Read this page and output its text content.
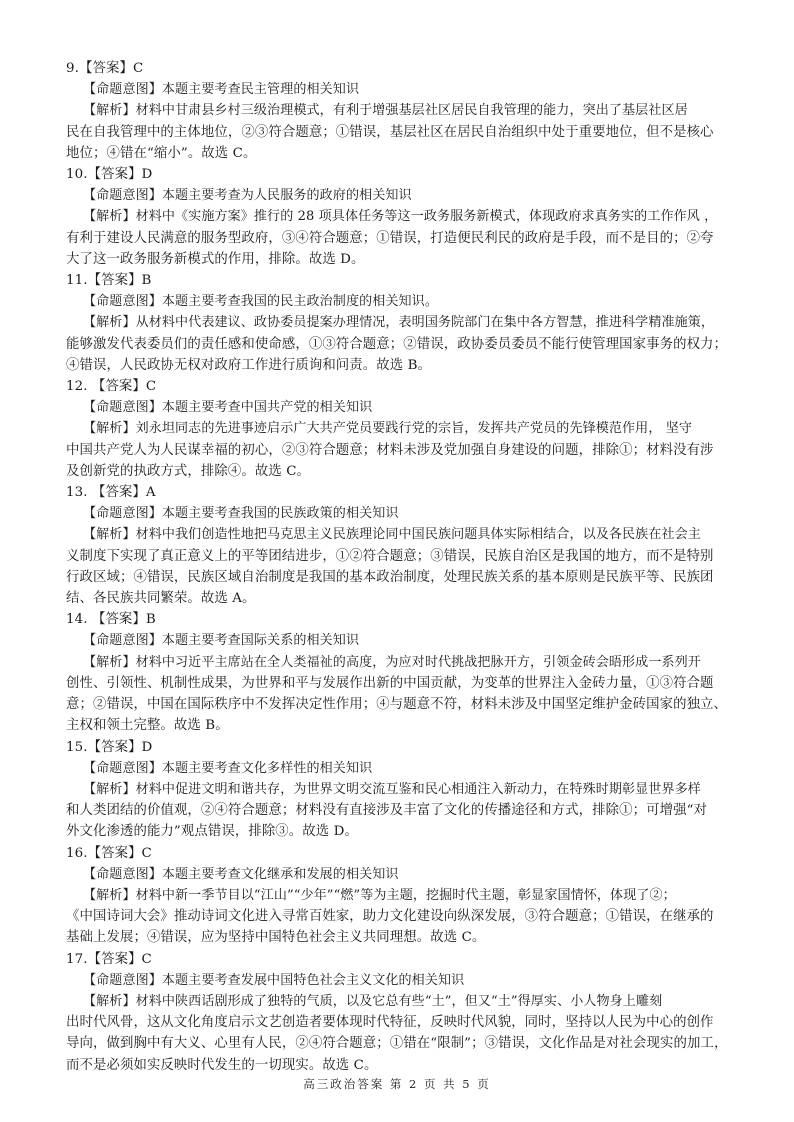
9.【答案】C
【命题意图】本题主要考查民主管理的相关知识
【解析】材料中甘肃县乡村三级治理模式，有利于增强基层社区居民自我管理的能力，突出了基层社区居
民在自我管理中的主体地位，②③符合题意；①错误，基层社区在居民自治组织中处于重要地位，但不是核心
地位；④错在“缩小”。故选 C。
10.【答案】D
【命题意图】本题主要考查为人民服务的政府的相关知识
【解析】材料中《实施方案》推行的 28 项具体任务等这一政务服务新模式，体现政府求真务实的工作作风 ，
有利于建设人民满意的服务型政府，③④符合题意；①错误，打造便民利民的政府是手段，而不是目的；②夸
大了这一政务服务新模式的作用，排除。故选 D。
11.【答案】B
【命题意图】本题主要考查我国的民主政治制度的相关知识。
【解析】从材料中代表建议、政协委员提案办理情况，表明国务院部门在集中各方智慧，推进科学精准施策，
能够激发代表委员们的责任感和使命感，①③符合题意；②错误，政协委员委员不能行使管理国家事务的权力；
④错误，人民政协无权对政府工作进行质询和问责。故选 B。
12. 【答案】C
【命题意图】本题主要考查中国共产党的相关知识
【解析】刘永坦同志的先进事迹启示广大共产党员要践行党的宗旨，发挥共产党员的先锋模范作用， 坚守
中国共产党人为人民谋幸福的初心，②③符合题意；材料未涉及党加强自身建设的问题，排除①；材料没有涉
及创新党的执政方式，排除④。故选 C。
13. 【答案】A
【命题意图】本题主要考查我国的民族政策的相关知识
【解析】材料中我们创造性地把马克思主义民族理论同中国民族问题具体实际相结合，以及各民族在社会主
义制度下实现了真正意义上的平等团结进步，①②符合题意；③错误，民族自治区是我国的地方，而不是特别
行政区域；④错误，民族区域自治制度是我国的基本政治制度，处理民族关系的基本原则是民族平等、民族团
结、各民族共同繁荣。故选 A。
14. 【答案】B
【命题意图】本题主要考查国际关系的相关知识
【解析】材料中习近平主席站在全人类福祉的高度，为应对时代挑战把脉开方，引领金砖会晤形成一系列开
创性、引领性、机制性成果，为世界和平与发展作出新的中国贡献，为变革的世界注入金砖力量，①③符合题
意；②错误，中国在国际秩序中不发挥决定性作用；④与题意不符，材料未涉及中国坚定维护金砖国家的独立、
主权和领土完整。故选 B。
15.【答案】D
【命题意图】本题主要考查文化多样性的相关知识
【解析】材料中促进文明和谐共存，为世界文明交流互鉴和民心相通注入新动力，在特殊时期彰显世界多样
和人类团结的价值观，②④符合题意；材料没有直接涉及丰富了文化的传播途径和方式，排除①；可增强“对
外文化渗透的能力”观点错误，排除③。故选 D。
16.【答案】C
【命题意图】本题主要考查文化继承和发展的相关知识
【解析】材料中新一季节目以“江山”“少年”“燃”等为主题，挖掘时代主题，彰显家国情怀，体现了②；
《中国诗词大会》推动诗词文化进入寻常百姓家，助力文化建设向纵深发展，③符合题意；①错误，在继承的
基础上发展；④错误，应为坚持中国特色社会主义共同理想。故选 C。
17.【答案】C
【命题意图】本题主要考查发展中国特色社会主义文化的相关知识
【解析】材料中陕西话剧形成了独特的气质，以及它总有些“土”，但又“土”得厚实、小人物身上雕刻
出时代风骨，这从文化角度启示文艺创造者要体现时代特征，反映时代风貌，同时，坚持以人民为中心的创作
导向，做到胸中有大义、心里有人民，②④符合题意；①错在“限制”；③错误，文化作品是对社会现实的加工，
而不是必须如实反映时代发生的一切现实。故选 C。
高三政治答案 第 2 页 共 5 页
